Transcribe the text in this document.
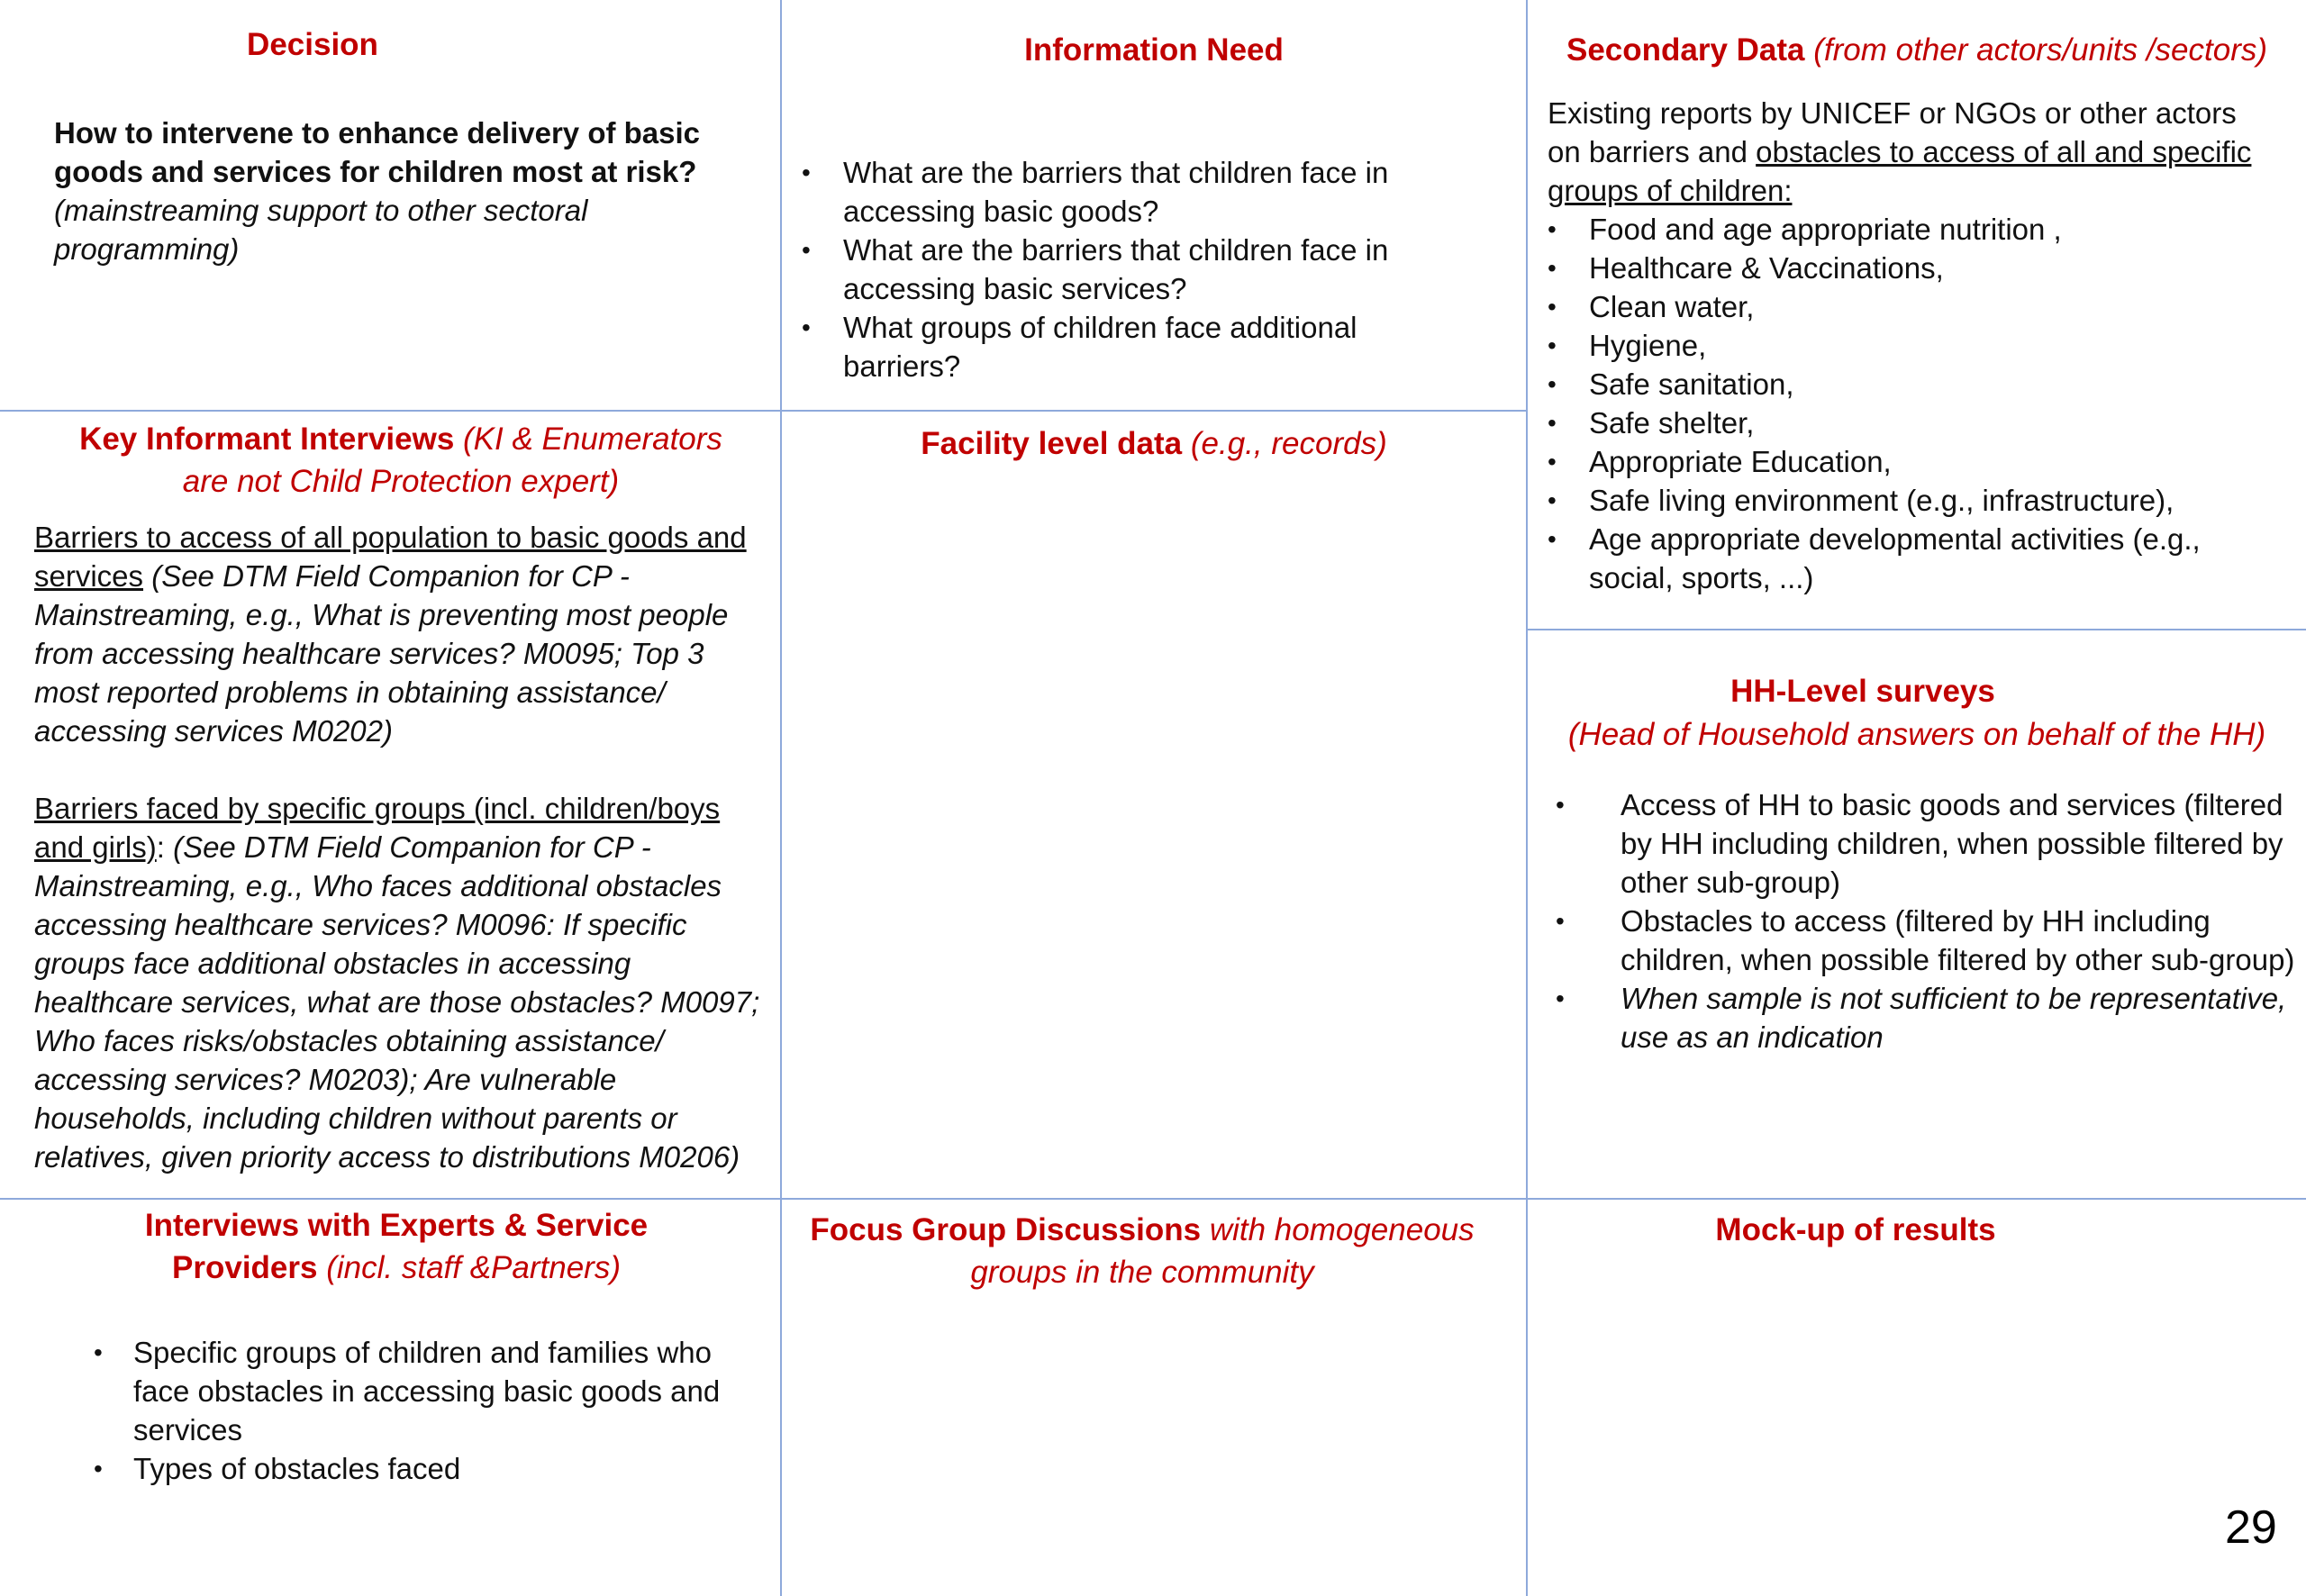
Decision
How to intervene to enhance delivery of basic goods and services for children most at risk?
(mainstreaming support to other sectoral programming)
Information Need
• What are the barriers that children face in accessing basic goods?
• What are the barriers that children face in accessing basic services?
• What groups of children face additional barriers?
Secondary Data (from other actors/units /sectors)
Existing reports by UNICEF or NGOs or other actors on barriers and obstacles to access of all and specific groups of children:
• Food and age appropriate nutrition ,
• Healthcare & Vaccinations,
• Clean water,
• Hygiene,
• Safe sanitation,
• Safe shelter,
• Appropriate Education,
• Safe living environment (e.g., infrastructure),
• Age appropriate developmental activities (e.g., social, sports, ...)
Key Informant Interviews (KI & Enumerators are not Child Protection expert)

Barriers to access of all population to basic goods and services (See DTM Field Companion for CP - Mainstreaming, e.g., What is preventing most people from accessing healthcare services? M0095; Top 3 most reported problems in obtaining assistance/ accessing services M0202)

Barriers faced by specific groups (incl. children/boys and girls): (See DTM Field Companion for CP - Mainstreaming, e.g., Who faces additional obstacles accessing healthcare services? M0096: If specific groups face additional obstacles in accessing healthcare services, what are those obstacles? M0097; Who faces risks/obstacles obtaining assistance/ accessing services? M0203); Are vulnerable households, including children without parents or relatives, given priority access to distributions M0206)

Facility level data (e.g., records)
HH-Level surveys
(Head of Household answers on behalf of the HH)
• Access of HH to basic goods and services (filtered by HH including children, when possible filtered by other sub-group)
• Obstacles to access (filtered by HH including children, when possible filtered by other sub-group)
• When sample is not sufficient to be representative, use as an indication
Interviews with Experts & Service Providers (incl. staff &Partners)
• Specific groups of children and families who face obstacles in accessing basic goods and services
• Types of obstacles faced
Focus Group Discussions with homogeneous groups in the community
Mock-up of results
29
